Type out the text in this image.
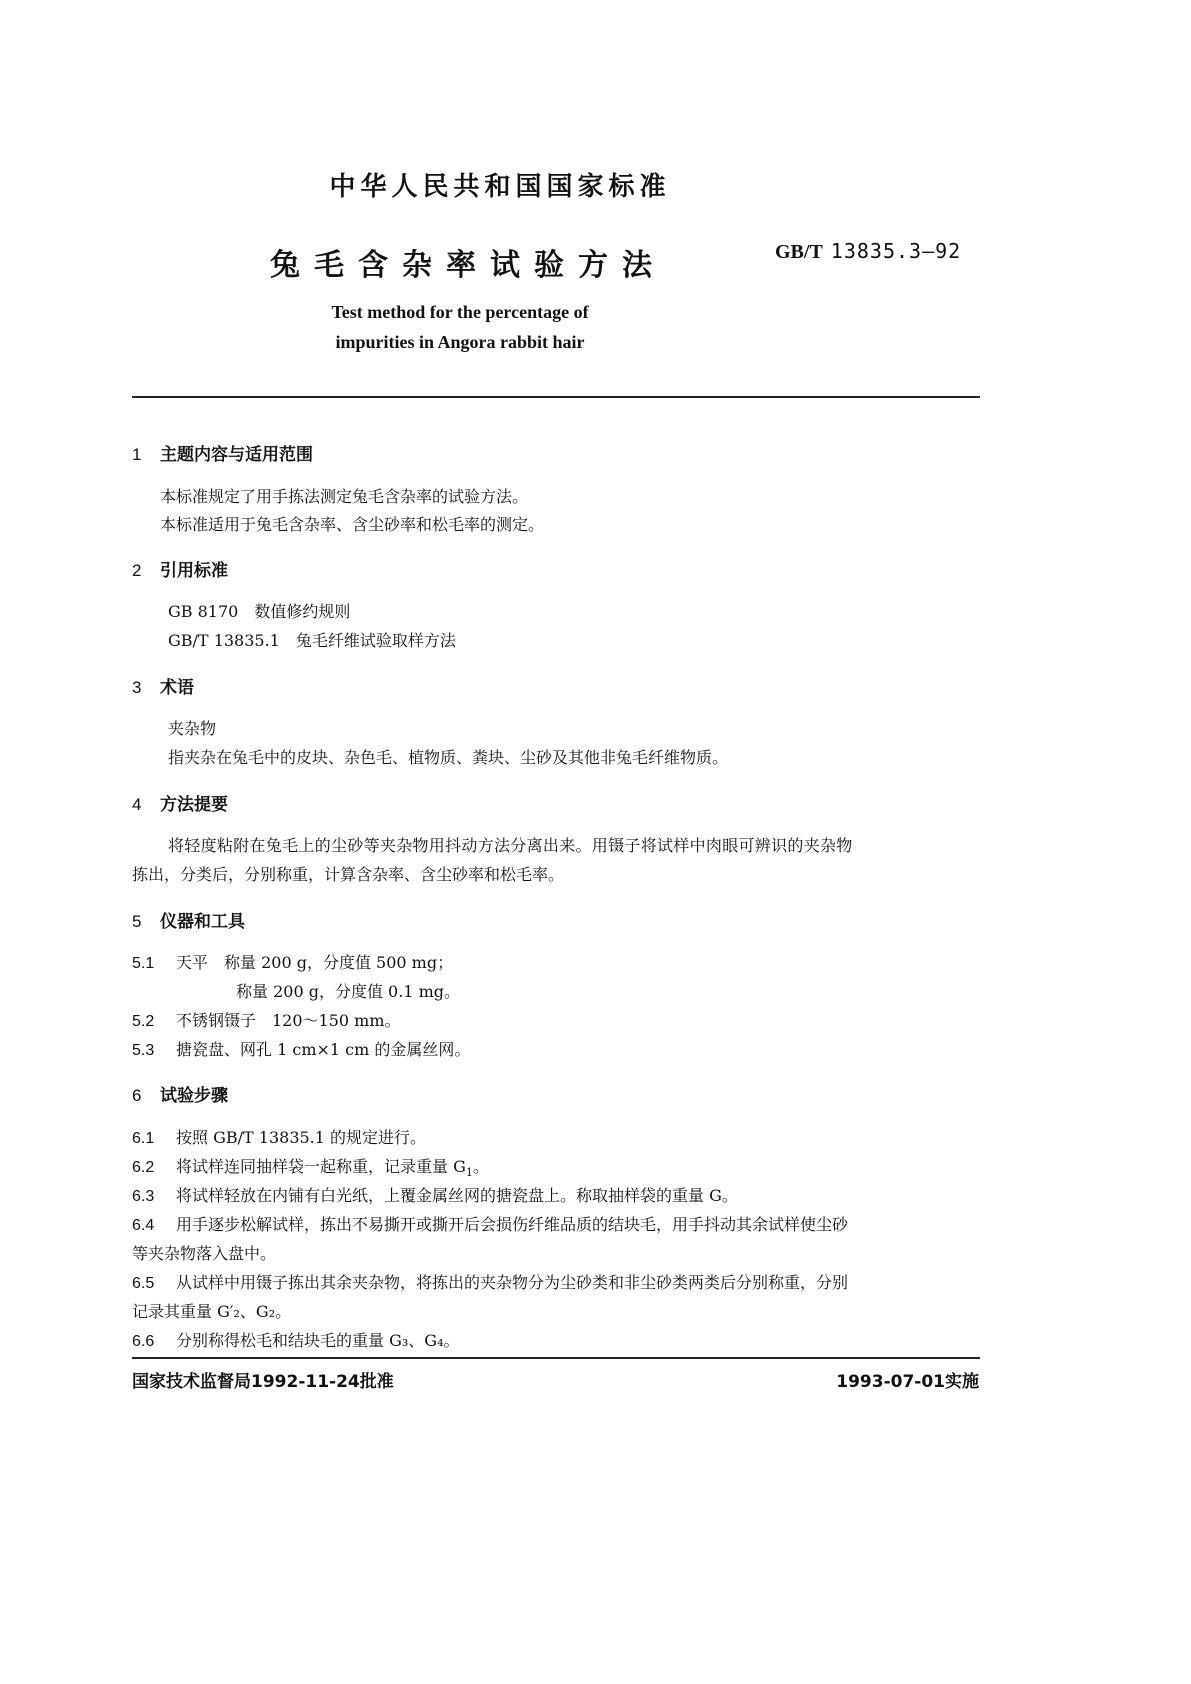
中华人民共和国国家标准
兔毛含杂率试验方法	GB/T 13835.3—92
Test method for the percentage of
impurities in Angora rabbit hair
1 主题内容与适用范围
本标准规定了用手拣法测定兔毛含杂率的试验方法。
本标准适用于兔毛含杂率、含尘砂率和松毛率的测定。
2 引用标准
GB 8170　数值修约规则
GB/T 13835.1　兔毛纤维试验取样方法
3 术语
夹杂物
指夹杂在兔毛中的皮块、杂色毛、植物质、粪块、尘砂及其他非兔毛纤维物质。
4 方法提要
将轻度粘附在兔毛上的尘砂等夹杂物用抖动方法分离出来。用镊子将试样中肉眼可辨识的夹杂物
拣出，分类后，分别称重，计算含杂率、含尘砂率和松毛率。
5 仪器和工具
5.1 天平　称量 200 g，分度值 500 mg；
称量 200 g，分度值 0.1 mg。
5.2 不锈钢镊子　120～150 mm。
5.3 搪瓷盘、网孔 1 cm×1 cm 的金属丝网。
6 试验步骤
6.1 按照 GB/T 13835.1 的规定进行。
6.2 将试样连同抽样袋一起称重，记录重量 $G_1$。
6.3 将试样轻放在内铺有白光纸，上覆金属丝网的搪瓷盘上。称取抽样袋的重量 G。
6.4 用手逐步松解试样，拣出不易撕开或撕开后会损伤纤维品质的结块毛，用手抖动其余试样使尘砂
等夹杂物落入盘中。
6.5 从试样中用镊子拣出其余夹杂物，将拣出的夹杂物分为尘砂类和非尘砂类两类后分别称重，分别
记录其重量 G′₂、G₂。
6.6 分别称得松毛和结块毛的重量 G₃、G₄。
国家技术监督局1992-11-24批准	1993-07-01实施
